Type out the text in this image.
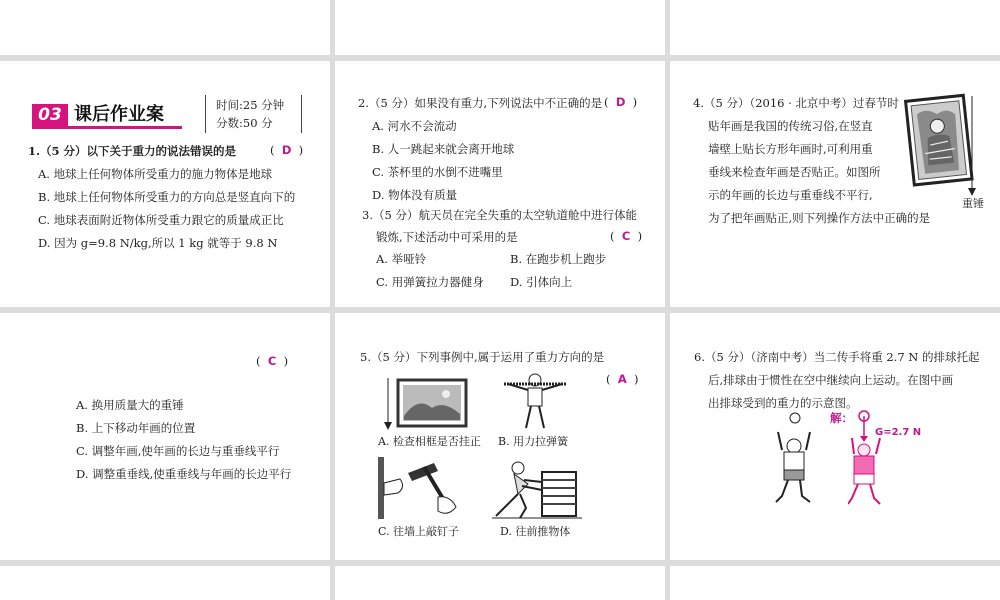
03 课后作业案	时间:25 分钟
分数:50 分
1.（5 分）以下关于重力的说法错误的是	(  D  )
A. 地球上任何物体所受重力的施力物体是地球
B. 地球上任何物体所受重力的方向总是竖直向下的
C. 地球表面附近物体所受重力跟它的质量成正比
D. 因为 g=9.8 N/kg,所以 1 kg 就等于 9.8 N
2.（5 分）如果没有重力,下列说法中不正确的是 (  D  )
A. 河水不会流动
B. 人一跳起来就会离开地球
C. 茶杯里的水倒不进嘴里
D. 物体没有质量
3.（5 分）航天员在完全失重的太空轨道舱中进行体能
锻炼,下述活动中可采用的是	(  C  )
A. 举哑铃	B. 在跑步机上跑步
C. 用弹簧拉力器健身 D. 引体向上
4.（5 分）（2016 · 北京中考）过春节时
贴年画是我国的传统习俗,在竖直
墙壁上贴长方形年画时,可利用重
垂线来检查年画是否贴正。如图所
示的年画的长边与重垂线不平行,
为了把年画贴正,则下列操作方法中正确的是
重锤
(  C  )
A. 换用质量大的重锤
B. 上下移动年画的位置
C. 调整年画,使年画的长边与重垂线平行
D. 调整重垂线,使重垂线与年画的长边平行
5.（5 分）下列事例中,属于运用了重力方向的是
(  A  )
A. 检查相框是否挂正 B. 用力拉弹簧
C. 往墙上敲钉子	D. 往前推物体
6.（5 分）（济南中考）当二传手将重 2.7 N 的排球托起
后,排球由于惯性在空中继续向上运动。在图中画
出排球受到的重力的示意图。
解：
G=2.7 N
